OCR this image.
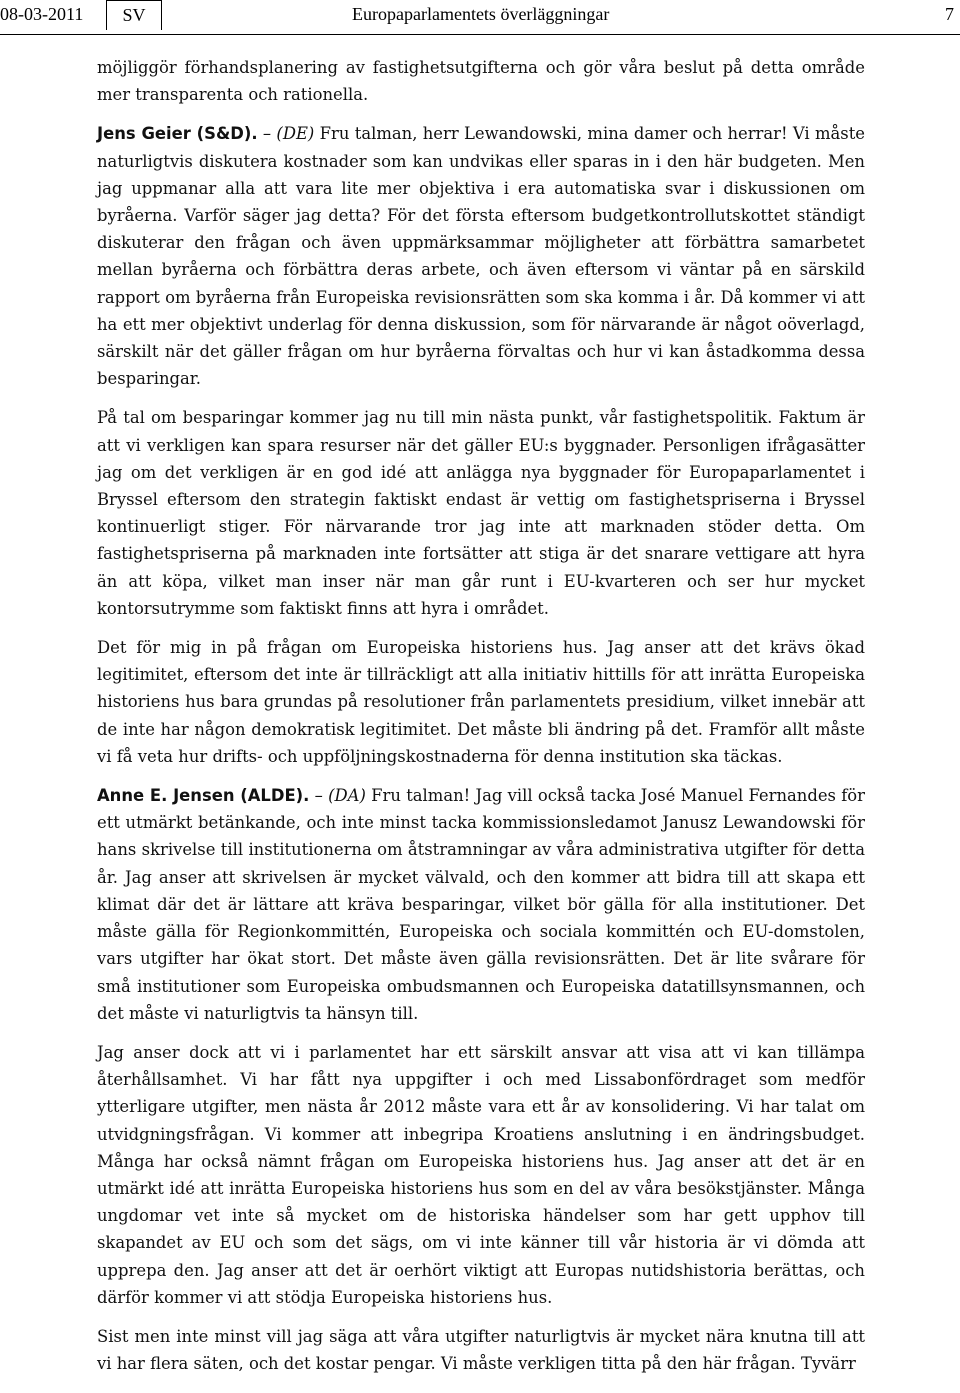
08-03-2011	SV	Europaparlamentets överläggningar	7

möjliggör förhandsplanering av fastighetsutgifterna och gör våra beslut på detta område mer transparenta och rationella.

Jens Geier (S&D). – (DE) Fru talman, herr Lewandowski, mina damer och herrar! Vi måste naturligtvis diskutera kostnader som kan undvikas eller sparas in i den här budgeten. Men jag uppmanar alla att vara lite mer objektiva i era automatiska svar i diskussionen om byråerna. Varför säger jag detta? För det första eftersom budgetkontrollutskottet ständigt diskuterar den frågan och även uppmärksammar möjligheter att förbättra samarbetet mellan byråerna och förbättra deras arbete, och även eftersom vi väntar på en särskild rapport om byråerna från Europeiska revisionsrätten som ska komma i år. Då kommer vi att ha ett mer objektivt underlag för denna diskussion, som för närvarande är något oöverlagd, särskilt när det gäller frågan om hur byråerna förvaltas och hur vi kan åstadkomma dessa besparingar.

På tal om besparingar kommer jag nu till min nästa punkt, vår fastighetspolitik. Faktum är att vi verkligen kan spara resurser när det gäller EU:s byggnader. Personligen ifrågasätter jag om det verkligen är en god idé att anlägga nya byggnader för Europaparlamentet i Bryssel eftersom den strategin faktiskt endast är vettig om fastighetspriserna i Bryssel kontinuerligt stiger. För närvarande tror jag inte att marknaden stöder detta. Om fastighetspriserna på marknaden inte fortsätter att stiga är det snarare vettigare att hyra än att köpa, vilket man inser när man går runt i EU-kvarteren och ser hur mycket kontorsutrymme som faktiskt finns att hyra i området.

Det för mig in på frågan om Europeiska historiens hus. Jag anser att det krävs ökad legitimitet, eftersom det inte är tillräckligt att alla initiativ hittills för att inrätta Europeiska historiens hus bara grundas på resolutioner från parlamentets presidium, vilket innebär att de inte har någon demokratisk legitimitet. Det måste bli ändring på det. Framför allt måste vi få veta hur drifts- och uppföljningskostnaderna för denna institution ska täckas.

Anne E. Jensen (ALDE). – (DA) Fru talman! Jag vill också tacka José Manuel Fernandes för ett utmärkt betänkande, och inte minst tacka kommissionsledamot Janusz Lewandowski för hans skrivelse till institutionerna om åtstramningar av våra administrativa utgifter för detta år. Jag anser att skrivelsen är mycket välvald, och den kommer att bidra till att skapa ett klimat där det är lättare att kräva besparingar, vilket bör gälla för alla institutioner. Det måste gälla för Regionkommittén, Europeiska och sociala kommittén och EU-domstolen, vars utgifter har ökat stort. Det måste även gälla revisionsrätten. Det är lite svårare för små institutioner som Europeiska ombudsmannen och Europeiska datatillsynsmannen, och det måste vi naturligtvis ta hänsyn till.

Jag anser dock att vi i parlamentet har ett särskilt ansvar att visa att vi kan tillämpa återhållsamhet. Vi har fått nya uppgifter i och med Lissabonfördraget som medför ytterligare utgifter, men nästa år 2012 måste vara ett år av konsolidering. Vi har talat om utvidgningsfrågan. Vi kommer att inbegripa Kroatiens anslutning i en ändringsbudget. Många har också nämnt frågan om Europeiska historiens hus. Jag anser att det är en utmärkt idé att inrätta Europeiska historiens hus som en del av våra besökstjänster. Många ungdomar vet inte så mycket om de historiska händelser som har gett upphov till skapandet av EU och som det sägs, om vi inte känner till vår historia är vi dömda att upprepa den. Jag anser att det är oerhört viktigt att Europas nutidshistoria berättas, och därför kommer vi att stödja Europeiska historiens hus.

Sist men inte minst vill jag säga att våra utgifter naturligtvis är mycket nära knutna till att vi har flera säten, och det kostar pengar. Vi måste verkligen titta på den här frågan. Tyvärr
